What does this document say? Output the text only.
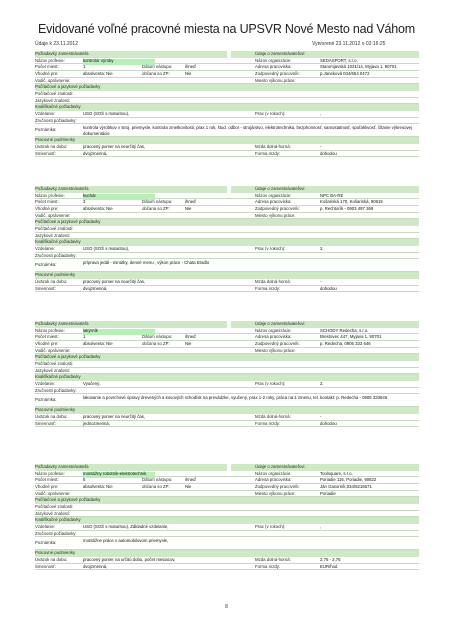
Evidované voľné pracovné miesta na UPSVR Nové Mesto nad Váhom
Údaje k 23.11.2012	Vytvorené 23.11.2012 o 02:16:25
Požiadavky zamestnávateľa	Údaje o zamestnávateľovi
Názov profesie:	kontrolór výroby	Názov organizácie:	SEDASPORT, s.r.o.
Počet miest:	1	Dátum nástupu:	ihneď	Adresa pracoviska:	Staromjavská 1031/14, Myjava 1, 90701
Vhodné pre:	absolventa: Nie	občana so ZP:	Nie	Zodpovedný pracovník:	p.Janeková 034/654 0472
Vodič. oprávnenie:	Miesto výkonu práce:
Počítačové a jazykové požiadavky
Počítačové znalosti:
Jazykové znalosti:
Kvalifikačné požiadavky
Vzdelanie:	USO (SOŠ s maturitou),	Prax (v rokoch):	,
Zručnosti požiadavky:
Poznámka:	kontrola výrobkov v stroj. priemysle, kontrola zmetkovitosti, prax 1 rok, štud. odbor - strojárstvo, elektrotechnika, bezphonnosť, samostatnosť, spoľahlivosť, čítanie výkresovej dokumentácie
Pracovné podmienky
Úväzok na dobu:	pracovný pomer na neurčitý čas,	Mzda dolná-horná:	-
Smennosť:	dvojzmenná,	Forma mzdy:	dohodou
Požiadavky zamestnávateľa	Údaje o zamestnávateľovi
Názov profesie:	kuchár	Názov organizácie:	NPC BA-RE
Počet miest:	3	Dátum nástupu:	ihneď	Adresa pracoviska:	Košariská 170, Košariská, 90615
Vhodné pre:	absolventa: Nie	občana so ZP:	Nie	Zodpovedný pracovník:	p. Rechtorík - 0903 497 369
Vodič. oprávnenie:	Miesto výkonu práce:
Počítačové a jazykové požiadavky
Počítačové znalosti:
Jazykové znalosti:
Kvalifikačné požiadavky
Vzdelanie:	USO (SOŠ s maturitou),	Prax (v rokoch):	2,
Zručnosti požiadavky:
Poznámka:	príprava jedál - minútky, denné menu , výkon práce - Chata Bradlo
Pracovné podmienky
Úväzok na dobu:	pracovný pomer na neurčitý čas,	Mzda dolná-horná:	-
Smennosť:	dvojzmenná,	Forma mzdy:	dohodou
Požiadavky zamestnávateľa	Údaje o zamestnávateľovi
Názov profesie:	lakýrník	Názov organizácie:	SCHODY Redecha, s.r.o.
Počet miest:	1	Dátum nástupu:	ihneď	Adresa pracoviska:	Brestovec 447, Myjava 1, 90701
Vhodné pre:	absolventa: Nie	občana so ZP:	Nie	Zodpovedný pracovník:	p. Redecha, 0905 333 646
Vodič. oprávnenie:	Miesto výkonu práce:
Počítačové a jazykové požiadavky
Počítačové znalosti:
Jazykové znalosti:
Kvalifikačné požiadavky
Vzdelanie:	Vyučený,	Prax (v rokoch):	2,
Zručnosti požiadavky:
Poznámka:	lakovanie a povrchové úpravy drevených a kovových schodísk na prevádzke, vyučený, prax 1-2 roky, práca na 1 zmenu, tel. kontakt: p. Redecha - 0905 333646
Pracovné podmienky
Úväzok na dobu:	pracovný pomer na neurčitý čas,	Mzda dolná-horná:	-
Smennosť:	jednozmenná,	Forma mzdy:	dohodou
Požiadavky zamestnávateľa	Údaje o zamestnávateľovi
Názov profesie:	montážny robotník-elektrotechnik	Názov organizácie:	Toolsquare, s.r.o.
Počet miest:	5	Dátum nástupu:	ihneď	Adresa pracoviska:	Poriadie 116, Poriadie, 90622
Vhodné pre:	absolventa: Nie	občana so ZP:	Nie	Zodpovedný pracovník:	Ján Gavorník,034/6216671
Vodič. oprávnenie:	Miesto výkonu práce:	Poriadie
Počítačové a jazykové požiadavky
Počítačové znalosti:
Jazykové znalosti:
Kvalifikačné požiadavky
Vzdelanie:	USO (SOŠ s maturitou), Základné vzdelanie,	Prax (v rokoch):	,
Zručnosti požiadavky:
Poznámka:	montážne práce v automobilovom priemysle,
Pracovné podmienky
Úväzok na dobu:	pracovný pomer na určitú dobu, počet mesiacov,	Mzda dolná-horná:	2,75 - 2,75
Smennosť:	dvojzmenná,	Forma mzdy:	EUR/hod
8
